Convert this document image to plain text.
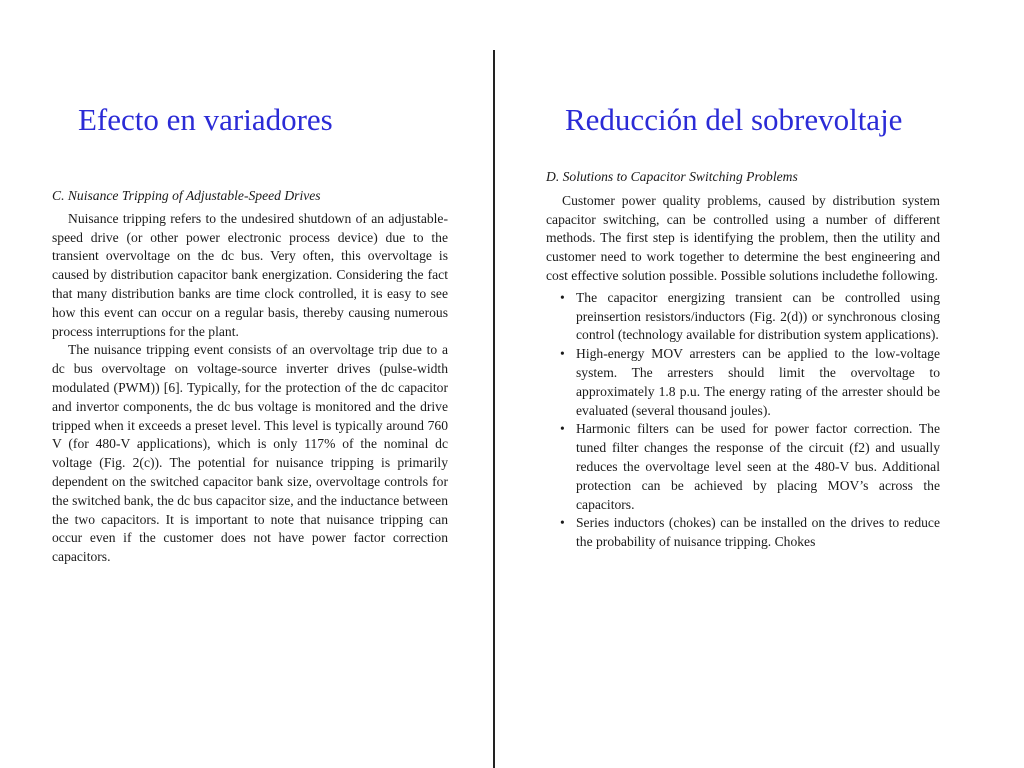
Efecto en variadores	Reducción del sobrevoltaje

C. Nuisance Tripping of Adjustable-Speed Drives

Nuisance tripping refers to the undesired shutdown of an adjustable-speed drive (or other power electronic process device) due to the transient overvoltage on the dc bus. Very often, this overvoltage is caused by distribution capacitor bank energization. Considering the fact that many distribution banks are time clock controlled, it is easy to see how this event can occur on a regular basis, thereby causing numerous process interruptions for the plant.

The nuisance tripping event consists of an overvoltage trip due to a dc bus overvoltage on voltage-source inverter drives (pulse-width modulated (PWM)) [6]. Typically, for the protection of the dc capacitor and invertor components, the dc bus voltage is monitored and the drive tripped when it exceeds a preset level. This level is typically around 760 V (for 480-V applications), which is only 117% of the nominal dc voltage (Fig. 2(c)). The potential for nuisance tripping is primarily dependent on the switched capacitor bank size, overvoltage controls for the switched bank, the dc bus capacitor size, and the inductance between the two capacitors. It is important to note that nuisance tripping can occur even if the customer does not have power factor correction capacitors.

D. Solutions to Capacitor Switching Problems

Customer power quality problems, caused by distribution system capacitor switching, can be controlled using a number of different methods. The first step is identifying the problem, then the utility and customer need to work together to determine the best engineering and cost effective solution possible. Possible solutions includethe following.

• The capacitor energizing transient can be controlled using preinsertion resistors/inductors (Fig. 2(d)) or synchronous closing control (technology available for distribution system applications).
• High-energy MOV arresters can be applied to the low-voltage system. The arresters should limit the overvoltage to approximately 1.8 p.u. The energy rating of the arrester should be evaluated (several thousand joules).
• Harmonic filters can be used for power factor correction. The tuned filter changes the response of the circuit (f2) and usually reduces the overvoltage level seen at the 480-V bus. Additional protection can be achieved by placing MOV’s across the capacitors.
• Series inductors (chokes) can be installed on the drives to reduce the probability of nuisance tripping. Chokes
